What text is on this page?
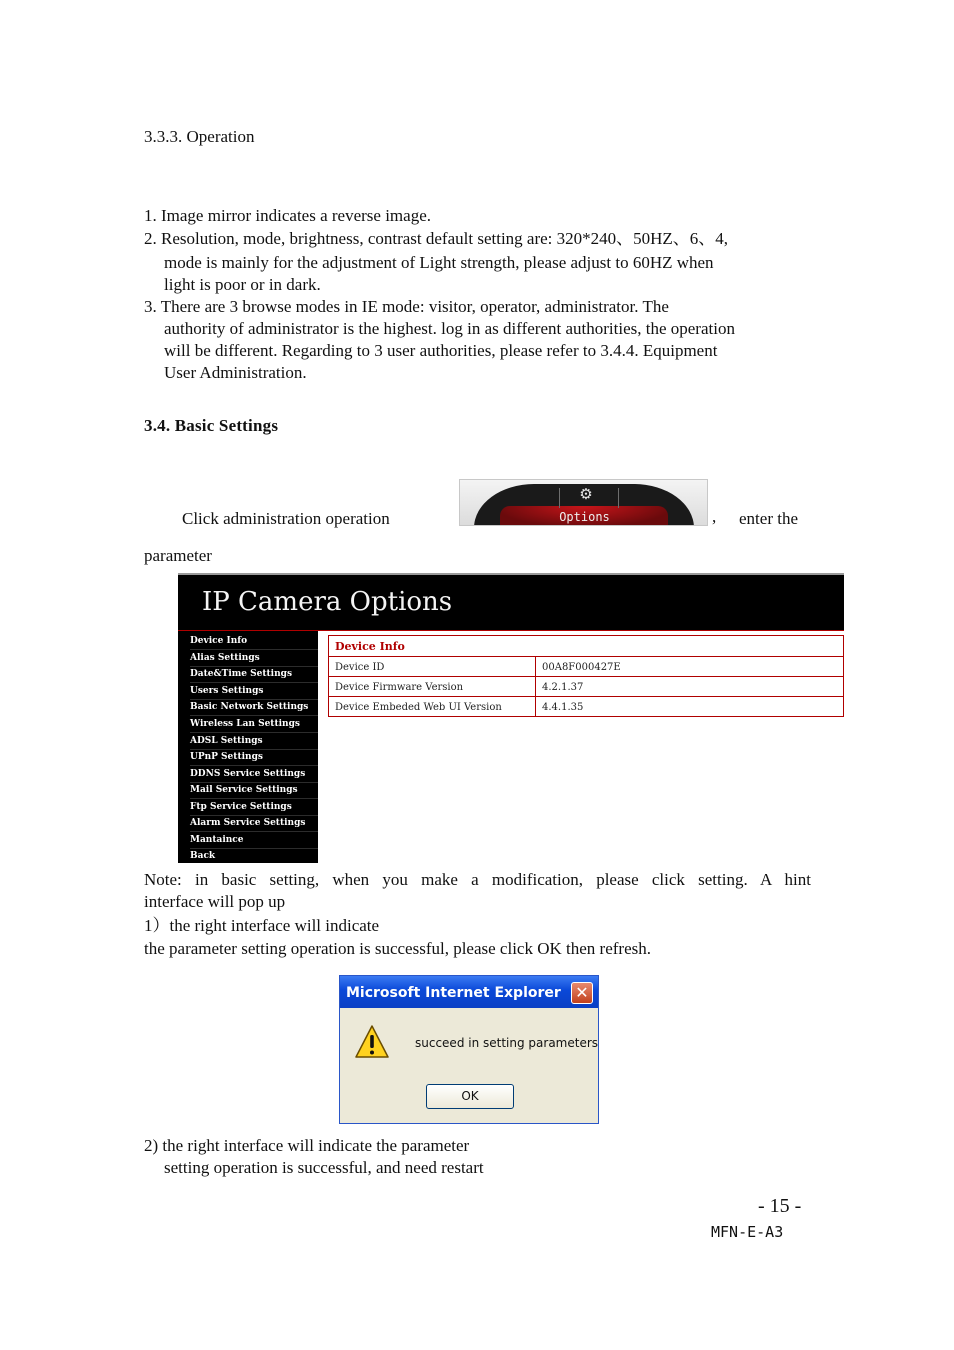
3.3.3. Operation
1. Image mirror indicates a reverse image.
2. Resolution, mode, brightness, contrast default setting are: 320*240、50HZ、6、4,
mode is mainly for the adjustment of Light strength, please adjust to 60HZ when
light is poor or in dark.
3. There are 3 browse modes in IE mode: visitor, operator, administrator. The
authority of administrator is the highest. log in as different authorities, the operation
will be different. Regarding to 3 user authorities, please refer to 3.4.4. Equipment
User Administration.
3.4. Basic Settings
Click administration operation
⚙
Options	, enter the
parameter
IP Camera Options
Device Info
Alias Settings
Date&Time Settings
Users Settings
Basic Network Settings
Wireless Lan Settings
ADSL Settings
UPnP Settings
DDNS Service Settings
Mail Service Settings
Ftp Service Settings
Alarm Service Settings
Mantaince
Back
Device Info
Device ID	00A8F000427E
Device Firmware Version	4.2.1.37
Device Embeded Web UI Version	4.4.1.35
Note: in basic setting, when you make a modification, please click setting. A hint
interface will pop up
1）the right interface will indicate
the parameter setting operation is successful, please click OK then refresh.
Microsoft Internet Explorer ✕
succeed in setting parameters
OK
2) the right interface will indicate the parameter
setting operation is successful, and need restart
- 15 -
MFN-E-A3
